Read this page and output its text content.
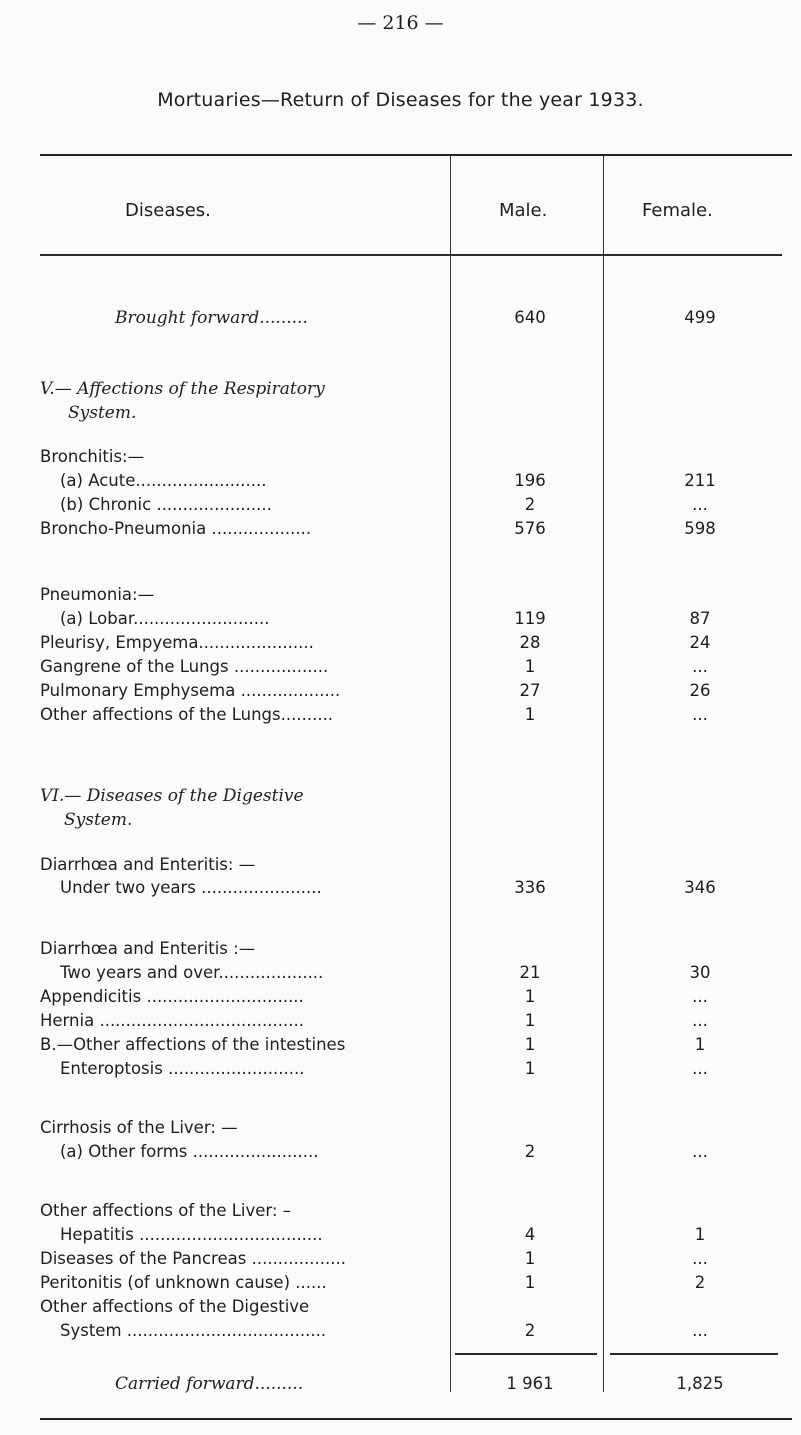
— 216 —
Mortuaries—Return of Diseases for the year 1933.
Diseases.	Male.	Female.
Brought forward.........	640	499
V.— Affections of the Respiratory
System.
Bronchitis:—
(a) Acute.........................	196	211
(b) Chronic ......................	2	...
Broncho-Pneumonia ...................	576	598
Pneumonia:—
(a) Lobar..........................	119	87
Pleurisy, Empyema......................	28	24
Gangrene of the Lungs ..................	1	...
Pulmonary Emphysema ...................	27	26
Other affections of the Lungs..........	1	...
VI.— Diseases of the Digestive
System.
Diarrhœa and Enteritis: —
Under two years .......................	336	346
Diarrhœa and Enteritis :—
Two years and over....................	21	30
Appendicitis ..............................	1	...
Hernia .......................................	1	...
B.—Other affections of the intestines	1	1
Enteroptosis ..........................	1	...
Cirrhosis of the Liver: —
(a) Other forms ........................	2	...
Other affections of the Liver: –
Hepatitis ...................................	4	1
Diseases of the Pancreas ..................	1	...
Peritonitis (of unknown cause) ......	1	2
Other affections of the Digestive
System ......................................	2	...
Carried forward.........	1 961	1,825
